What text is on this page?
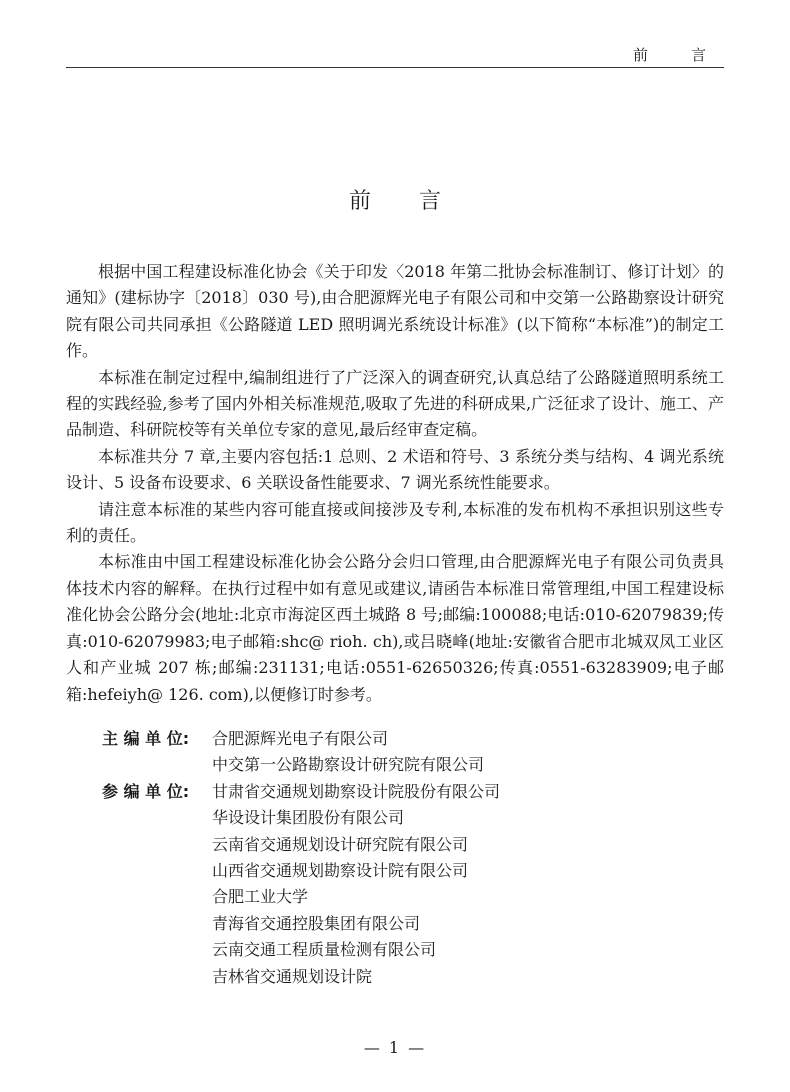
前　言
前言

根据中国工程建设标准化协会《关于印发〈2018 年第二批协会标准制订、修订计划〉的通知》(建标协字〔2018〕030 号),由合肥源辉光电子有限公司和中交第一公路勘察设计研究院有限公司共同承担《公路隧道 LED 照明调光系统设计标准》(以下简称“本标准”)的制定工作。

本标准在制定过程中,编制组进行了广泛深入的调查研究,认真总结了公路隧道照明系统工程的实践经验,参考了国内外相关标准规范,吸取了先进的科研成果,广泛征求了设计、施工、产品制造、科研院校等有关单位专家的意见,最后经审查定稿。

本标准共分 7 章,主要内容包括:1 总则、2 术语和符号、3 系统分类与结构、4 调光系统设计、5 设备布设要求、6 关联设备性能要求、7 调光系统性能要求。

请注意本标准的某些内容可能直接或间接涉及专利,本标准的发布机构不承担识别这些专利的责任。

本标准由中国工程建设标准化协会公路分会归口管理,由合肥源辉光电子有限公司负责具体技术内容的解释。在执行过程中如有意见或建议,请函告本标准日常管理组,中国工程建设标准化协会公路分会(地址:北京市海淀区西土城路 8 号;邮编:100088;电话:010-62079839;传真:010-62079983;电子邮箱:shc@ rioh. ch),或吕晓峰(地址:安徽省合肥市北城双凤工业区人和产业城 207 栋;邮编:231131;电话:0551-62650326;传真:0551-63283909;电子邮箱:hefeiyh@ 126. com),以便修订时参考。

主 编 单 位:	合肥源辉光电子有限公司
中交第一公路勘察设计研究院有限公司
参 编 单 位:	甘肃省交通规划勘察设计院股份有限公司
华设设计集团股份有限公司
云南省交通规划设计研究院有限公司
山西省交通规划勘察设计院有限公司
合肥工业大学
青海省交通控股集团有限公司
云南交通工程质量检测有限公司
吉林省交通规划设计院
— 1 —
